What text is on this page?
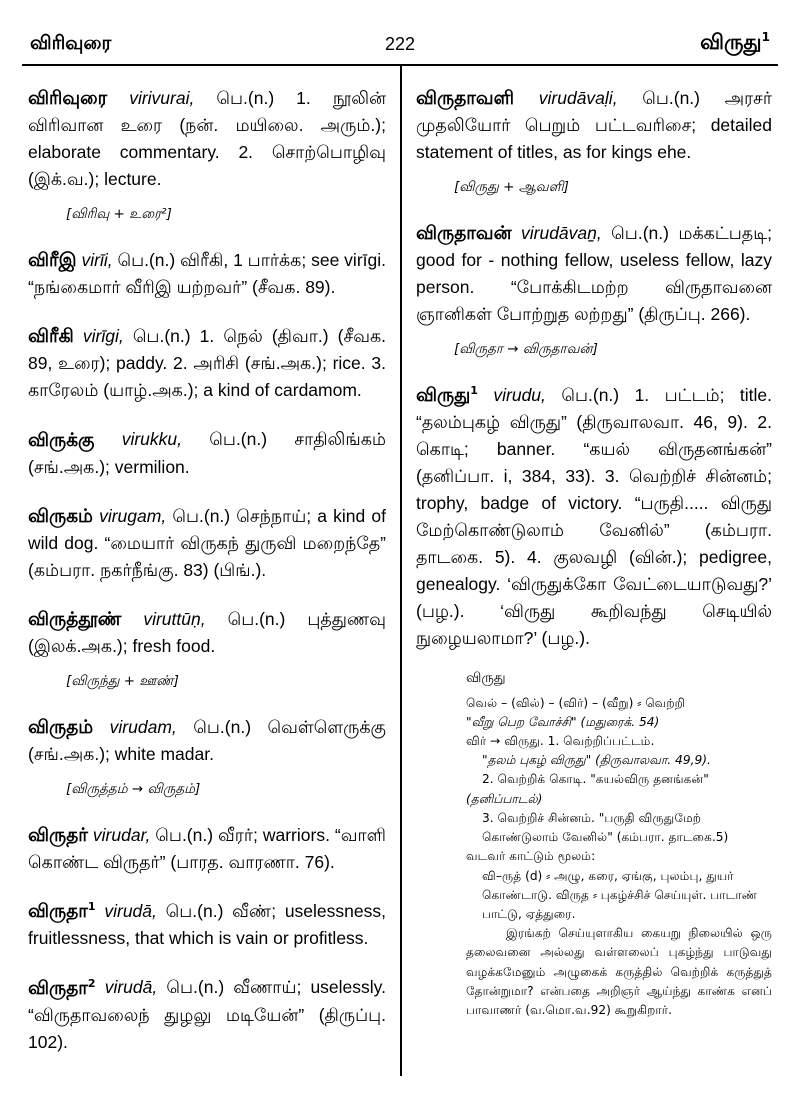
விரிவுரை	222	விருது$^1$

விரிவுரை virivurai, பெ.(n.) 1. நூலின் விரிவான உரை (நன். மயிலை. அரும்.); elaborate commentary. 2. சொற்பொழிவு (இக்.வ.); lecture.

[விரிவு + உரை²]

விரீஇ virīi, பெ.(n.) விரீகி, 1 பார்க்க; see virīgi. “நங்கைமார் வீரிஇ யற்றவர்” (சீவக. 89).

விரீகி virīgi, பெ.(n.) 1. நெல் (திவா.) (சீவக. 89, உரை); paddy. 2. அரிசி (சங்.அக.); rice. 3. காரேலம் (யாழ்.அக.); a kind of cardamom.

விருக்கு virukku, பெ.(n.) சாதிலிங்கம் (சங்.அக.); vermilion.

விருகம் virugam, பெ.(n.) செந்நாய்; a kind of wild dog. “மையார் விருகந் துருவி மறைந்தே” (கம்பரா. நகர்நீங்கு. 83) (பிங்.).

விருத்தூண் viruttūṇ, பெ.(n.) புத்துணவு (இலக்.அக.); fresh food.

[விருந்து + ஊண்]

விருதம் virudam, பெ.(n.) வெள்ளெருக்கு (சங்.அக.); white madar.

[விருத்தம் → விருதம்]

விருதர் virudar, பெ.(n.) வீரர்; warriors. “வாளி கொண்ட விருதர்” (பாரத. வாரணா. 76).

விருதா$^1$ virudā, பெ.(n.) வீண்; uselessness, fruitlessness, that which is vain or profitless.

விருதா$^2$ virudā, பெ.(n.) வீணாய்; uselessly. “விருதாவலைந் துழலு மடியேன்” (திருப்பு. 102).

விருதாவளி virudāvaḷi, பெ.(n.) அரசர் முதலியோர் பெறும் பட்டவரிசை; detailed statement of titles, as for kings ehe.

[விருது + ஆவளி]

விருதாவன் virudāvaṉ, பெ.(n.) மக்கட்பதடி; good for - nothing fellow, useless fellow, lazy person. “போக்கிடமற்ற விருதாவனை ஞானிகள் போற்றுத லற்றது” (திருப்பு. 266).

[விருதா → விருதாவன்]

விருது$^1$ virudu, பெ.(n.) 1. பட்டம்; title. “தலம்புகழ் விருது” (திருவாலவா. 46, 9). 2. கொடி; banner. “கயல் விருதனங்கன்” (தனிப்பா. i, 384, 33). 3. வெற்றிச் சின்னம்; trophy, badge of victory. “பருதி..... விருது மேற்கொண்டுலாம் வேனில்” (கம்பரா. தாடகை. 5). 4. குலவழி (வின்.); pedigree, genealogy. ‘விருதுக்கோ வேட்டையாடுவது?’ (பழ.). ‘விருது கூறிவந்து செடியில் நுழையலாமா?’ (பழ.).

விருது

வெல் – (வில்) – (விர்) – (வீறு) ⸗ வெற்றி

"வீறு பெற வோச்சி" (மதுரைக். 54)

விர் → விருது. 1. வெற்றிப்பட்டம்.

"தலம் புகழ் விருது" (திருவாலவா. 49,9).

2. வெற்றிக் கொடி. "கயல்விரு தனங்கன்"

(தனிப்பாடல்)

3. வெற்றிச் சின்னம். "பருதி விருதுமேற் கொண்டுலாம் வேனில்" (கம்பரா. தாடகை.5)

வடவர் காட்டும் மூலம்:

வி–ருத் (d) ⸗ அழு, கரை, ஏங்கு, புலம்பு, துயர் கொண்டாடு. விருத ⸗ புகழ்ச்சிச் செய்யுள். பாடாண் பாட்டு, ஏத்துரை.

இரங்கற் செய்யுளாகிய கையறு நிலையில் ஒரு தலைவனை அல்லது வள்ளலைப் புகழ்ந்து பாடுவது வழக்கமேனும் அழுகைக் கருத்தில் வெற்றிக் கருத்துத் தோன்றுமா? என்பதை அறிஞர் ஆய்ந்து காண்க எனப் பாவாணர் (வ.மொ.வ.92) கூறுகிறார்.
